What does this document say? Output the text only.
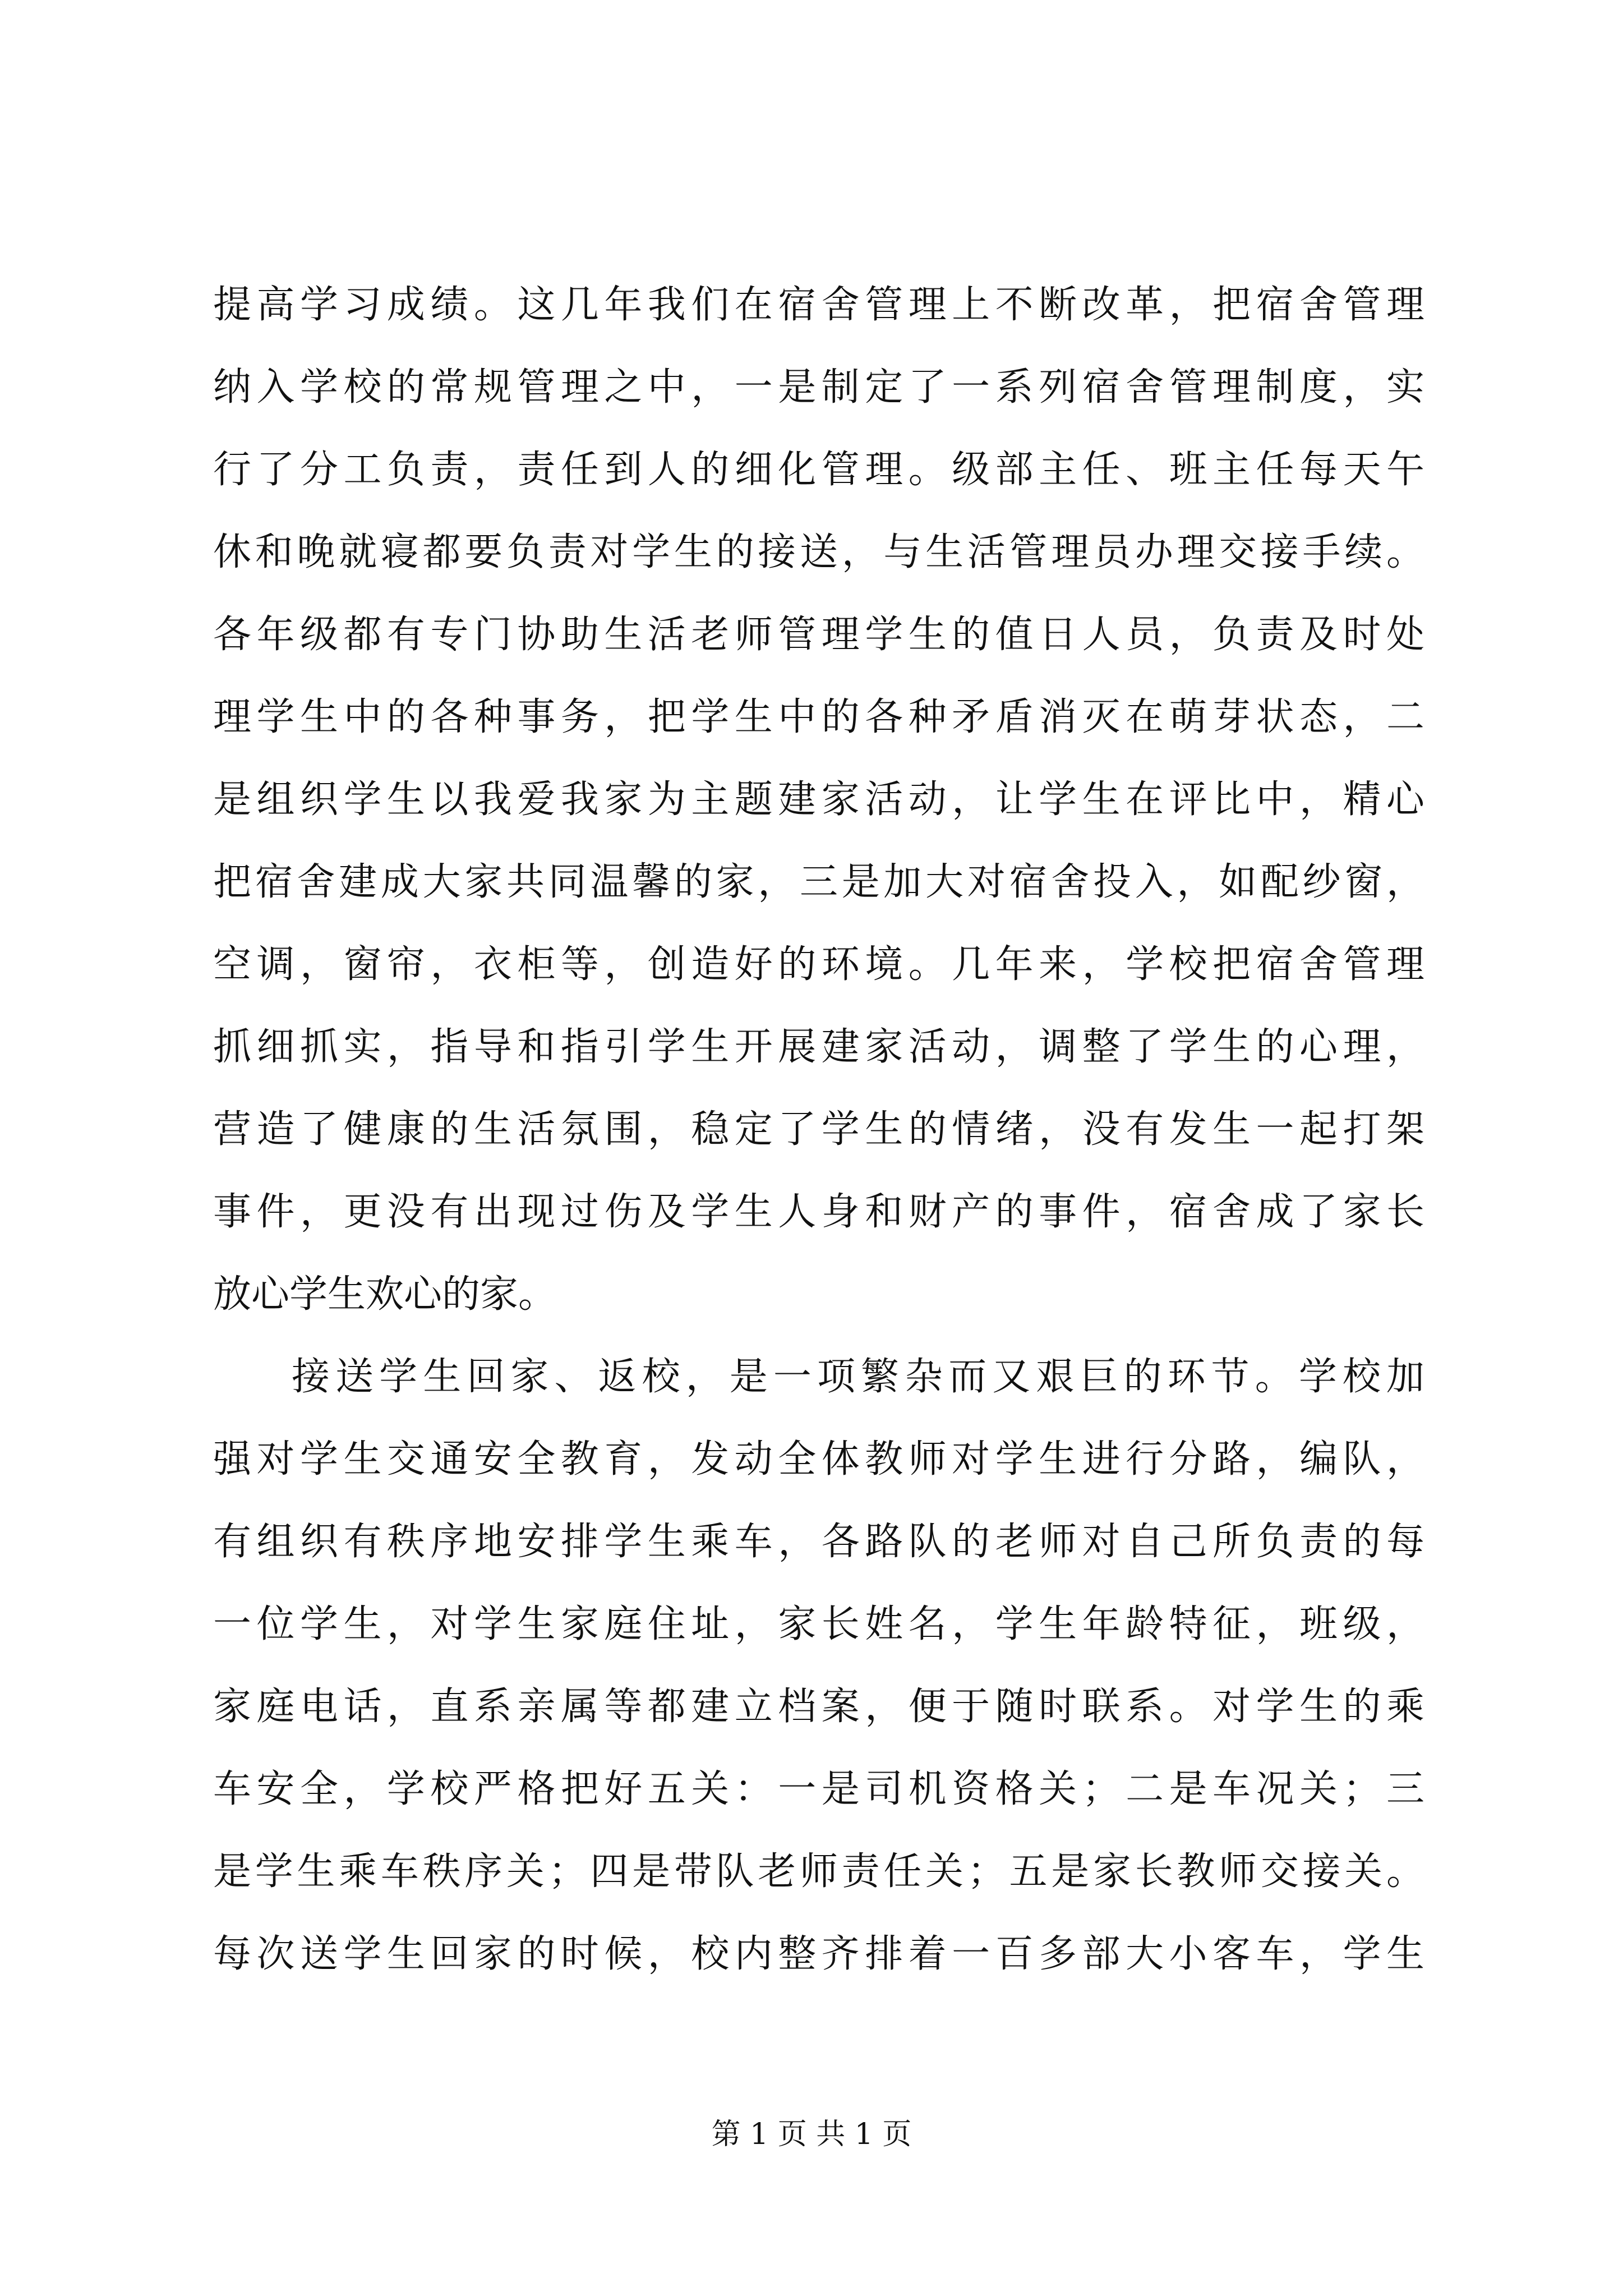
提高学习成绩。这几年我们在宿舍管理上不断改革，把宿舍管理
纳入学校的常规管理之中，一是制定了一系列宿舍管理制度，实
行了分工负责，责任到人的细化管理。级部主任、班主任每天午
休和晚就寝都要负责对学生的接送，与生活管理员办理交接手续。
各年级都有专门协助生活老师管理学生的值日人员，负责及时处
理学生中的各种事务，把学生中的各种矛盾消灭在萌芽状态，二
是组织学生以我爱我家为主题建家活动，让学生在评比中，精心
把宿舍建成大家共同温馨的家，三是加大对宿舍投入，如配纱窗，
空调，窗帘，衣柜等，创造好的环境。几年来，学校把宿舍管理
抓细抓实，指导和指引学生开展建家活动，调整了学生的心理，
营造了健康的生活氛围，稳定了学生的情绪，没有发生一起打架
事件，更没有出现过伤及学生人身和财产的事件，宿舍成了家长
放心学生欢心的家。
接送学生回家、返校，是一项繁杂而又艰巨的环节。学校加
强对学生交通安全教育，发动全体教师对学生进行分路，编队，
有组织有秩序地安排学生乘车，各路队的老师对自己所负责的每
一位学生，对学生家庭住址，家长姓名，学生年龄特征，班级，
家庭电话，直系亲属等都建立档案，便于随时联系。对学生的乘
车安全，学校严格把好五关：一是司机资格关；二是车况关；三
是学生乘车秩序关；四是带队老师责任关；五是家长教师交接关。
每次送学生回家的时候，校内整齐排着一百多部大小客车，学生
第 1 页 共 1 页
